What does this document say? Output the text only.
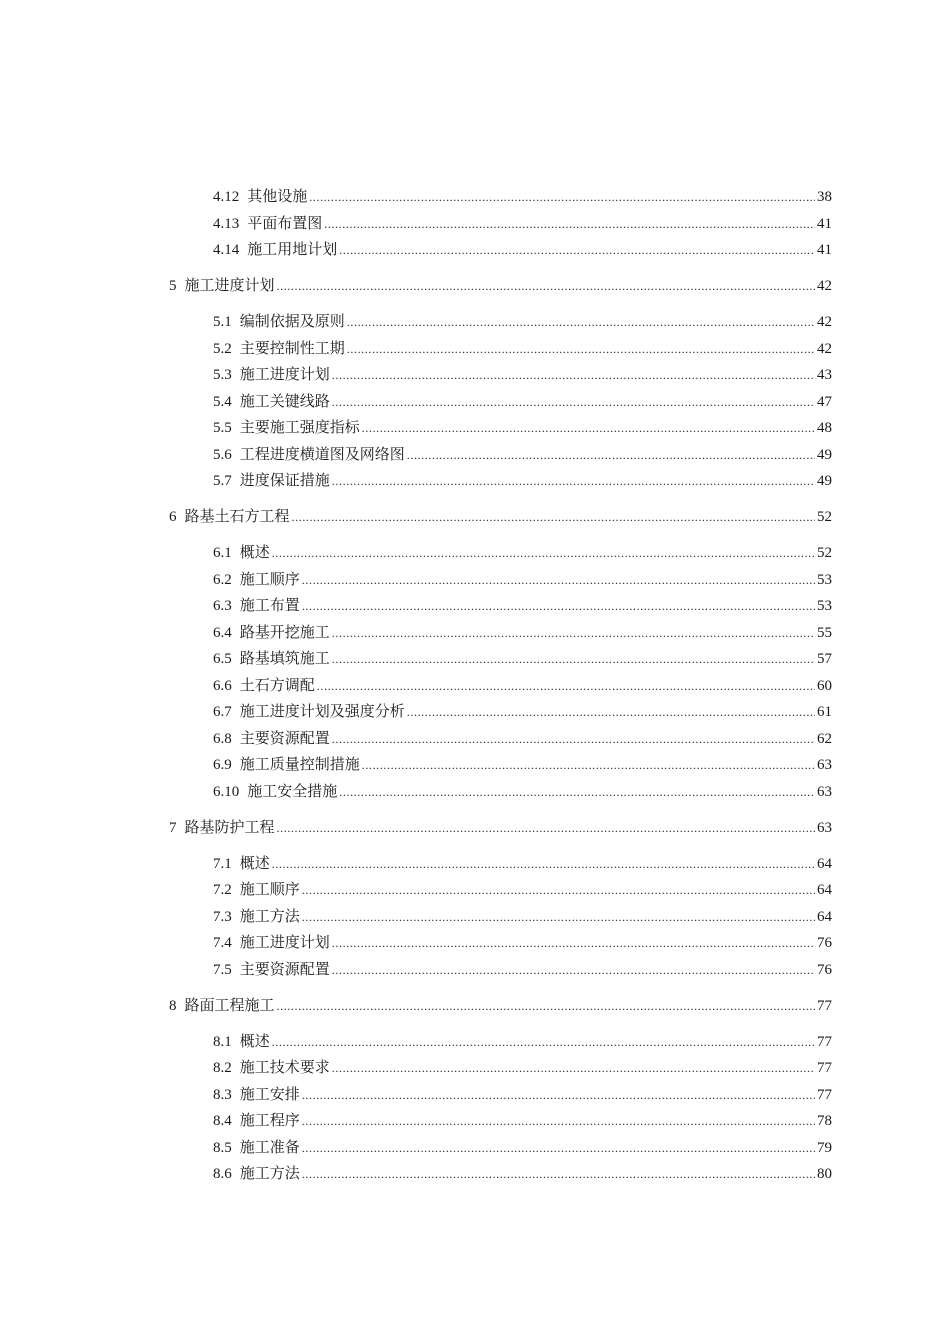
4.12 其他设施 .....	38
4.13 平面布置图 .....	41
4.14 施工用地计划 .....	41
5 施工进度计划 .....	42
5.1 编制依据及原则 .....	42
5.2 主要控制性工期 .....	42
5.3 施工进度计划 .....	43
5.4 施工关键线路 .....	47
5.5 主要施工强度指标 .....	48
5.6 工程进度横道图及网络图 .....	49
5.7 进度保证措施 .....	49
6 路基土石方工程 .....	52
6.1 概述 .....	52
6.2 施工顺序 .....	53
6.3 施工布置 .....	53
6.4 路基开挖施工 .....	55
6.5 路基填筑施工 .....	57
6.6 土石方调配 .....	60
6.7 施工进度计划及强度分析 .....	61
6.8 主要资源配置 .....	62
6.9 施工质量控制措施 .....	63
6.10 施工安全措施 .....	63
7 路基防护工程 .....	63
7.1 概述 .....	64
7.2 施工顺序 .....	64
7.3 施工方法 .....	64
7.4 施工进度计划 .....	76
7.5 主要资源配置 .....	76
8 路面工程施工 .....	77
8.1 概述 .....	77
8.2 施工技术要求 .....	77
8.3 施工安排 .....	77
8.4 施工程序 .....	78
8.5 施工准备 .....	79
8.6 施工方法 .....	80
